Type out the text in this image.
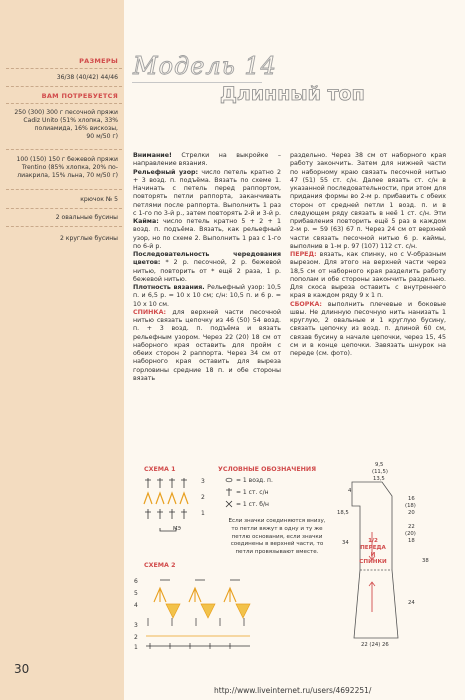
РАЗМЕРЫ
36/38 (40/42) 44/46
ВАМ ПОТРЕБУЕТСЯ
250 (300) 300 г песочной пряжи
Cadiz Unito (51% хлопка, 33%
полиамида, 16% вискозы,
90 м/50 г)
100 (150) 150 г бежевой пряжи
Trentino (85% хлопка, 20% по-
лиакрила, 15% льна, 70 м/50 г)
крючок № 5
2 овальные бусины
2 круглые бусины
Модель 14
Длинный топ

Внимание! Стрелки на выкройке – направление вязания.

Рельефный узор: число петель кратно 2 + 3 возд. п. подъёма. Вязать по схеме 1. Начинать с петель перед раппортом, повторять петли раппорта, заканчивать петлями после раппорта. Выполнить 1 раз с 1-го по 3-й р., затем повторять 2-й и 3-й р.

Кайма: число петель кратно 5 + 2 + 1 возд. п. подъёма. Вязать, как рельефный узор, но по схеме 2. Выполнить 1 раз с 1-го по 6-й р.

Последовательность чередования цветов: * 2 р. песочной, 2 р. бежевой нитью, повторить от * ещё 2 раза, 1 р. бежевой нитью.

Плотность вязания. Рельефный узор: 10,5 п. и 6,5 р. = 10 х 10 см; с/н: 10,5 п. и 6 р. = 10 х 10 см.

СПИНКА: для верхней части песочной нитью связать цепочку из 46 (50) 54 возд. п. + 3 возд. п. подъёма и вязать рельефным узором. Через 22 (20) 18 см от наборного края оставить для пройм с обеих сторон 2 раппорта. Через 34 см от наборного края оставить для выреза горловины средние 18 п. и обе стороны вязать

раздельно. Через 38 см от наборного края работу закончить. Затем для нижней части по наборному краю связать песочной нитью 47 (51) 55 ст. с/н. Далее вязать ст. с/н в указанной последовательности, при этом для придания формы во 2-м р. прибавить с обеих сторон от средней петли 1 возд. п. и в следующем ряду связать в неё 1 ст. с/н. Эти прибавления повторить ещё 5 раз в каждом 2-м р. = 59 (63) 67 п. Через 24 см от верхней части связать песочной нитью 6 р. каймы, выполнив в 1-м р. 97 (107) 112 ст. с/н.

ПЕРЕД: вязать, как спинку, но с V-образным вырезом. Для этого на верхней части через 18,5 см от наборного края разделить работу пополам и обе стороны закончить раздельно. Для скоса выреза оставить с внутреннего края в каждом ряду 9 х 1 п.

СБОРКА: выполнить плечевые и боковые швы. Не длинную песочную нить нанизать 1 круглую, 2 овальные и 1 круглую бусину, связать цепочку из возд. п. длиной 60 см, связав бусину в начале цепочки, через 15, 45 см и в конце цепочки. Завязать шнурок на переде (см. фото).

СХЕМА 1
3
2
1
МЭ
УСЛОВНЫЕ ОБОЗНАЧЕНИЯ
= 1 возд. п.
= 1 ст. с/н
= 1 ст. б/н
Если значки соединяются внизу,
то петли вяжут в одну и ту же
петлю основания, если значки
соединены в верхней части, то
петли провязывают вместе.
СХЕМА 2
6
5
4
3
2
1
9,5
(11,5)
13,5
4
16
(18)
20
18,5
22
(20)
18
34
38
24
1/2 ПЕРЕДА И СПИНКИ
22 (24) 26
30
http://www.liveinternet.ru/users/4692251/
